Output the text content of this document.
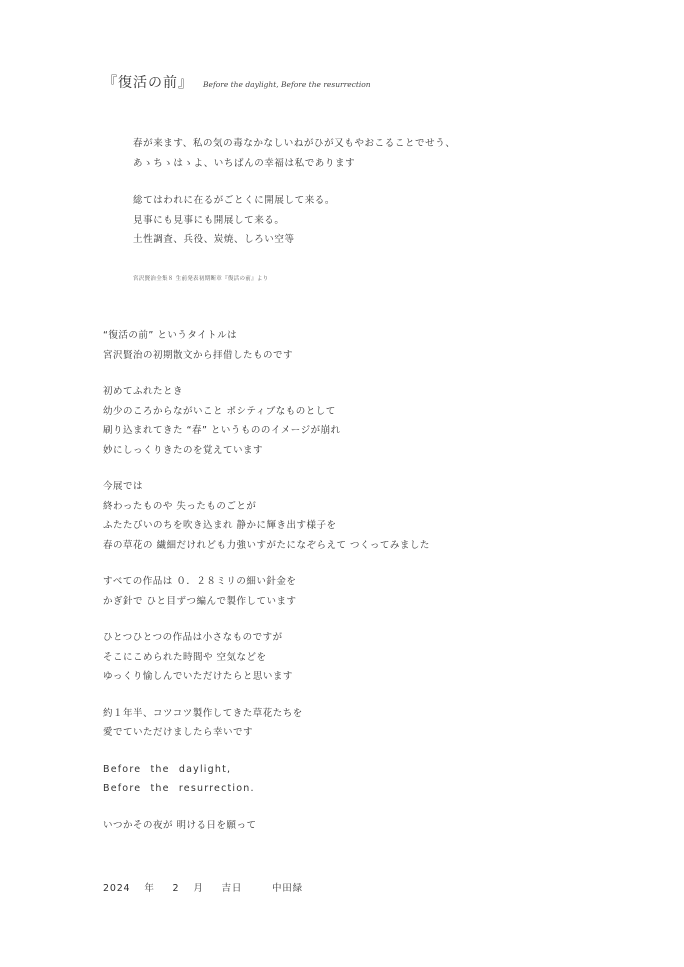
『復活の前』 Before the daylight, Before the resurrection
春が来ます、私の気の毒なかなしいねがひが又もやおこることでせう、
あゝちゝはゝよ、いちばんの幸福は私であります
総てはわれに在るがごとくに開展して来る。
見事にも見事にも開展して来る。
土性調査、兵役、炭焼、しろい空等
宮沢賢治全集８ 生前発表初期断章『復活の前』より
“復活の前” というタイトルは
宮沢賢治の初期散文から拝借したものです
初めてふれたとき
幼少のころからながいこと ポシティブなものとして
刷り込まれてきた “春” というもののイメージが崩れ
妙にしっくりきたのを覚えています
今展では
終わったものや 失ったものごとが
ふたたびいのちを吹き込まれ 静かに輝き出す様子を
春の草花の 繊細だけれども力強いすがたになぞらえて つくってみました
すべての作品は ０．２８ミリの細い針金を
かぎ針で ひと目ずつ編んで製作しています
ひとつひとつの作品は小さなものですが
そこにこめられた時間や 空気などを
ゆっくり愉しんでいただけたらと思います
約１年半、コツコツ製作してきた草花たちを
愛でていただけましたら幸いです
Before the daylight,
Before the resurrection.
いつかその夜が 明ける日を願って
2024 年 2 月 吉日	中田緑
